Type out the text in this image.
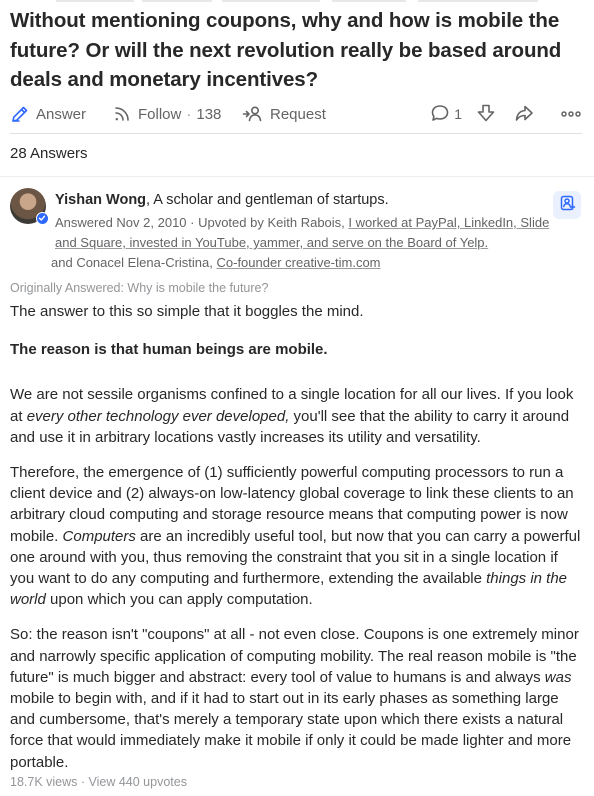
Without mentioning coupons, why and how is mobile the future? Or will the next revolution really be based around deals and monetary incentives?
Answer	Follow · 138	Request	1
28 Answers
Yishan Wong, A scholar and gentleman of startups.
Answered Nov 2, 2010 · Upvoted by Keith Rabois, I worked at PayPal, LinkedIn, Slide and Square, invested in YouTube, yammer, and serve on the Board of Yelp.
and Conacel Elena-Cristina, Co-founder creative-tim.com
Originally Answered: Why is mobile the future?

The answer to this so simple that it boggles the mind.

The reason is that human beings are mobile.

We are not sessile organisms confined to a single location for all our lives. If you look at every other technology ever developed, you'll see that the ability to carry it around and use it in arbitrary locations vastly increases its utility and versatility.

Therefore, the emergence of (1) sufficiently powerful computing processors to run a client device and (2) always-on low-latency global coverage to link these clients to an arbitrary cloud computing and storage resource means that computing power is now mobile. Computers are an incredibly useful tool, but now that you can carry a powerful one around with you, thus removing the constraint that you sit in a single location if you want to do any computing and furthermore, extending the available things in the world upon which you can apply computation.

So: the reason isn't "coupons" at all - not even close. Coupons is one extremely minor and narrowly specific application of computing mobility. The real reason mobile is "the future" is much bigger and abstract: every tool of value to humans is and always was mobile to begin with, and if it had to start out in its early phases as something large and cumbersome, that's merely a temporary state upon which there exists a natural force that would immediately make it mobile if only it could be made lighter and more portable.

18.7K views · View 440 upvotes
